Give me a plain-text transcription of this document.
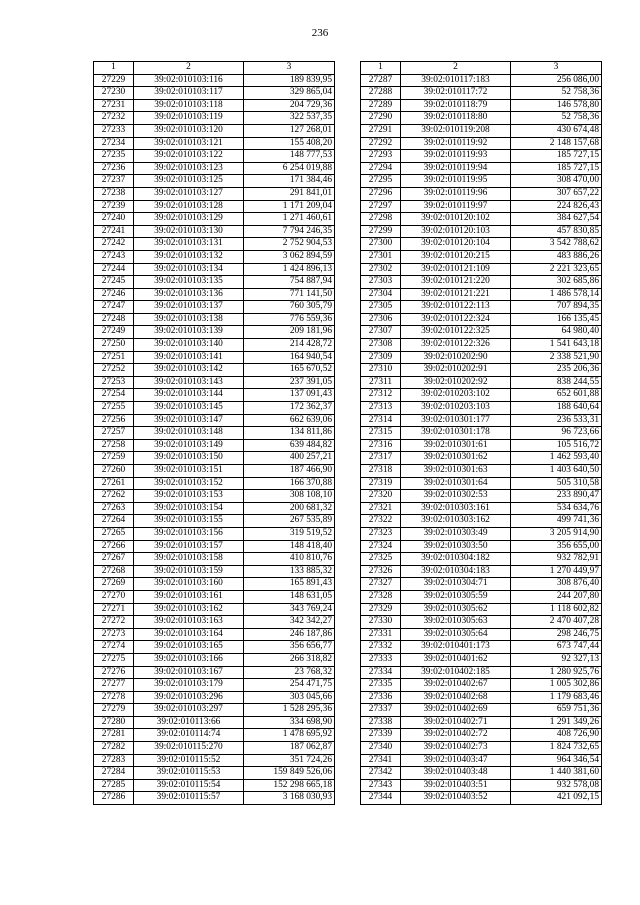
236
1	2	3
27229	39:02:010103:116	189 839,95
27230	39:02:010103:117	329 865,04
27231	39:02:010103:118	204 729,36
27232	39:02:010103:119	322 537,35
27233	39:02:010103:120	127 268,01
27234	39:02:010103:121	155 408,20
27235	39:02:010103:122	148 777,53
27236	39:02:010103:123	6 254 019,88
27237	39:02:010103:125	171 384,46
27238	39:02:010103:127	291 841,01
27239	39:02:010103:128	1 171 209,04
27240	39:02:010103:129	1 271 460,61
27241	39:02:010103:130	7 794 246,35
27242	39:02:010103:131	2 752 904,53
27243	39:02:010103:132	3 062 894,59
27244	39:02:010103:134	1 424 896,13
27245	39:02:010103:135	754 887,94
27246	39:02:010103:136	771 141,50
27247	39:02:010103:137	760 305,79
27248	39:02:010103:138	776 559,36
27249	39:02:010103:139	209 181,96
27250	39:02:010103:140	214 428,72
27251	39:02:010103:141	164 940,54
27252	39:02:010103:142	165 670,52
27253	39:02:010103:143	237 391,05
27254	39:02:010103:144	137 091,43
27255	39:02:010103:145	172 362,37
27256	39:02:010103:147	662 639,06
27257	39:02:010103:148	134 811,86
27258	39:02:010103:149	639 484,82
27259	39:02:010103:150	400 257,21
27260	39:02:010103:151	187 466,90
27261	39:02:010103:152	166 370,88
27262	39:02:010103:153	308 108,10
27263	39:02:010103:154	200 681,32
27264	39:02:010103:155	267 535,89
27265	39:02:010103:156	319 519,52
27266	39:02:010103:157	148 418,40
27267	39:02:010103:158	410 810,76
27268	39:02:010103:159	133 885,32
27269	39:02:010103:160	165 891,43
27270	39:02:010103:161	148 631,05
27271	39:02:010103:162	343 769,24
27272	39:02:010103:163	342 342,27
27273	39:02:010103:164	246 187,86
27274	39:02:010103:165	356 656,77
27275	39:02:010103:166	266 318,82
27276	39:02:010103:167	23 768,32
27277	39:02:010103:179	254 471,75
27278	39:02:010103:296	303 045,66
27279	39:02:010103:297	1 528 295,36
27280	39:02:010113:66	334 698,90
27281	39:02:010114:74	1 478 695,92
27282	39:02:010115:270	187 062,87
27283	39:02:010115:52	351 724,26
27284	39:02:010115:53	159 849 526,06
27285	39:02:010115:54	152 298 665,18
27286	39:02:010115:57	3 168 030,93
1	2	3
27287	39:02:010117:183	256 086,00
27288	39:02:010117:72	52 758,36
27289	39:02:010118:79	146 578,80
27290	39:02:010118:80	52 758,36
27291	39:02:010119:208	430 674,48
27292	39:02:010119:92	2 148 157,68
27293	39:02:010119:93	185 727,15
27294	39:02:010119:94	185 727,15
27295	39:02:010119:95	308 470,00
27296	39:02:010119:96	307 657,22
27297	39:02:010119:97	224 826,43
27298	39:02:010120:102	384 627,54
27299	39:02:010120:103	457 830,85
27300	39:02:010120:104	3 542 788,62
27301	39:02:010120:215	483 886,26
27302	39:02:010121:109	2 221 323,65
27303	39:02:010121:220	302 685,86
27304	39:02:010121:221	1 486 578,14
27305	39:02:010122:113	707 894,35
27306	39:02:010122:324	166 135,45
27307	39:02:010122:325	64 980,40
27308	39:02:010122:326	1 541 643,18
27309	39:02:010202:90	2 338 521,90
27310	39:02:010202:91	235 206,36
27311	39:02:010202:92	838 244,55
27312	39:02:010203:102	652 601,88
27313	39:02:010203:103	188 640,64
27314	39:02:010301:177	236 533,31
27315	39:02:010301:178	96 723,66
27316	39:02:010301:61	105 516,72
27317	39:02:010301:62	1 462 593,40
27318	39:02:010301:63	1 403 640,50
27319	39:02:010301:64	505 310,58
27320	39:02:010302:53	233 890,47
27321	39:02:010303:161	534 634,76
27322	39:02:010303:162	499 741,36
27323	39:02:010303:49	3 205 914,90
27324	39:02:010303:50	356 655,00
27325	39:02:010304:182	932 782,91
27326	39:02:010304:183	1 270 449,97
27327	39:02:010304:71	308 876,40
27328	39:02:010305:59	244 207,80
27329	39:02:010305:62	1 118 602,82
27330	39:02:010305:63	2 470 407,28
27331	39:02:010305:64	298 246,75
27332	39:02:010401:173	673 747,44
27333	39:02:010401:62	92 327,13
27334	39:02:010402:185	1 280 925,76
27335	39:02:010402:67	1 005 302,86
27336	39:02:010402:68	1 179 683,46
27337	39:02:010402:69	659 751,36
27338	39:02:010402:71	1 291 349,26
27339	39:02:010402:72	408 726,90
27340	39:02:010402:73	1 824 732,65
27341	39:02:010403:47	964 346,54
27342	39:02:010403:48	1 440 381,60
27343	39:02:010403:51	932 578,08
27344	39:02:010403:52	421 092,15
